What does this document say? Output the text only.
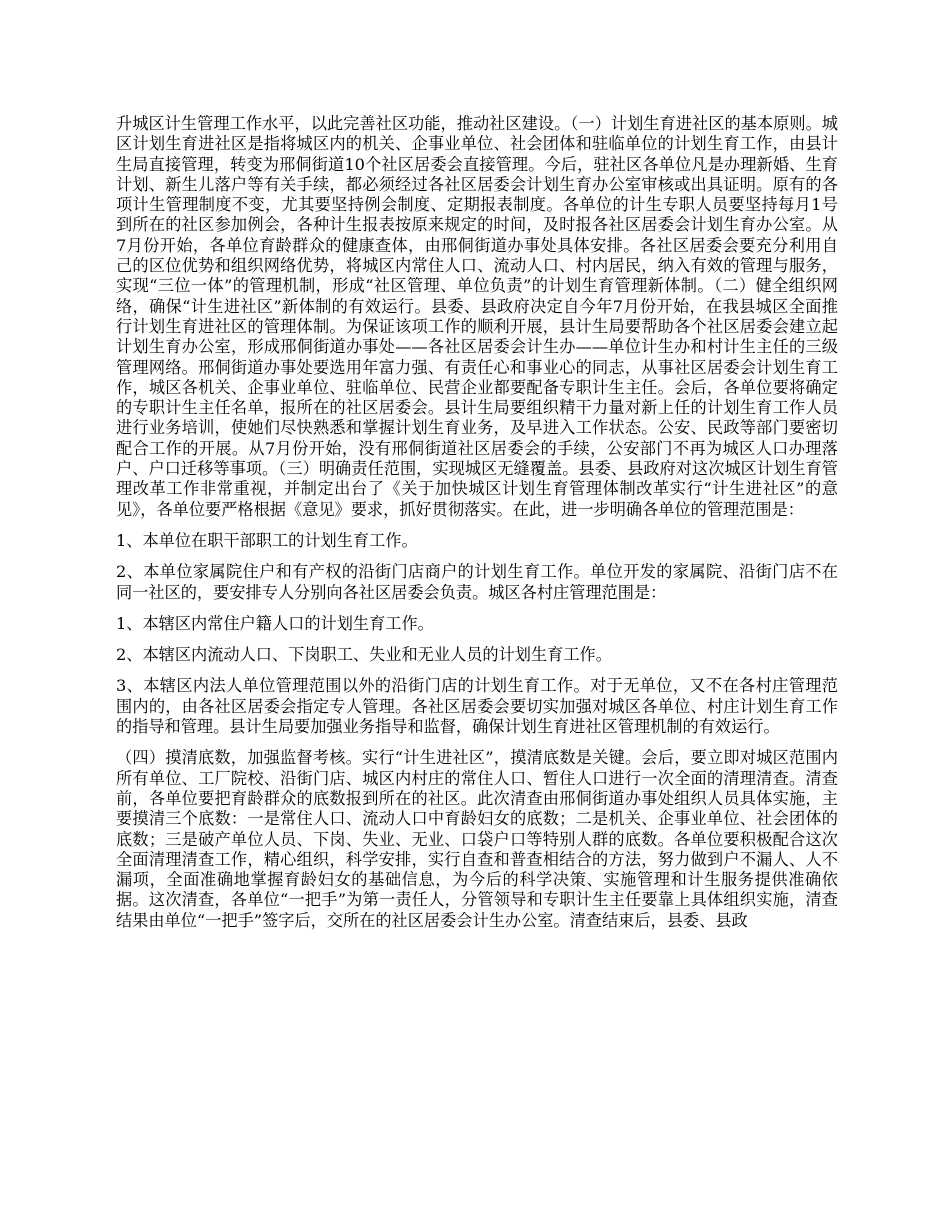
升城区计生管理工作水平，以此完善社区功能，推动社区建设。（一）计划生育进社区的基本原则。城区计划生育进社区是指将城区内的机关、企事业单位、社会团体和驻临单位的计划生育工作，由县计生局直接管理，转变为邢侗街道10个社区居委会直接管理。今后，驻社区各单位凡是办理新婚、生育计划、新生儿落户等有关手续，都必须经过各社区居委会计划生育办公室审核或出具证明。原有的各项计生管理制度不变，尤其要坚持例会制度、定期报表制度。各单位的计生专职人员要坚持每月1号到所在的社区参加例会，各种计生报表按原来规定的时间，及时报各社区居委会计划生育办公室。从7月份开始，各单位育龄群众的健康查体，由邢侗街道办事处具体安排。各社区居委会要充分利用自己的区位优势和组织网络优势，将城区内常住人口、流动人口、村内居民，纳入有效的管理与服务，实现“三位一体”的管理机制，形成“社区管理、单位负责”的计划生育管理新体制。（二）健全组织网络，确保“计生进社区”新体制的有效运行。县委、县政府决定自今年7月份开始，在我县城区全面推行计划生育进社区的管理体制。为保证该项工作的顺利开展，县计生局要帮助各个社区居委会建立起计划生育办公室，形成邢侗街道办事处——各社区居委会计生办——单位计生办和村计生主任的三级管理网络。邢侗街道办事处要选用年富力强、有责任心和事业心的同志，从事社区居委会计划生育工作，城区各机关、企事业单位、驻临单位、民营企业都要配备专职计生主任。会后，各单位要将确定的专职计生主任名单，报所在的社区居委会。县计生局要组织精干力量对新上任的计划生育工作人员进行业务培训，使她们尽快熟悉和掌握计划生育业务，及早进入工作状态。公安、民政等部门要密切配合工作的开展。从7月份开始，没有邢侗街道社区居委会的手续，公安部门不再为城区人口办理落户、户口迁移等事项。（三）明确责任范围，实现城区无缝覆盖。县委、县政府对这次城区计划生育管理改革工作非常重视，并制定出台了《关于加快城区计划生育管理体制改革实行“计生进社区”的意见》，各单位要严格根据《意见》要求，抓好贯彻落实。在此，进一步明确各单位的管理范围是：

1、本单位在职干部职工的计划生育工作。

2、本单位家属院住户和有产权的沿街门店商户的计划生育工作。单位开发的家属院、沿街门店不在同一社区的，要安排专人分别向各社区居委会负责。城区各村庄管理范围是：

1、本辖区内常住户籍人口的计划生育工作。

2、本辖区内流动人口、下岗职工、失业和无业人员的计划生育工作。

3、本辖区内法人单位管理范围以外的沿街门店的计划生育工作。对于无单位，又不在各村庄管理范围内的，由各社区居委会指定专人管理。各社区居委会要切实加强对城区各单位、村庄计划生育工作的指导和管理。县计生局要加强业务指导和监督，确保计划生育进社区管理机制的有效运行。

（四）摸清底数，加强监督考核。实行“计生进社区”，摸清底数是关键。会后，要立即对城区范围内所有单位、工厂院校、沿街门店、城区内村庄的常住人口、暂住人口进行一次全面的清理清查。清查前，各单位要把育龄群众的底数报到所在的社区。此次清查由邢侗街道办事处组织人员具体实施，主要摸清三个底数：一是常住人口、流动人口中育龄妇女的底数；二是机关、企事业单位、社会团体的底数；三是破产单位人员、下岗、失业、无业、口袋户口等特别人群的底数。各单位要积极配合这次全面清理清查工作，精心组织，科学安排，实行自查和普查相结合的方法，努力做到户不漏人、人不漏项，全面准确地掌握育龄妇女的基础信息，为今后的科学决策、实施管理和计生服务提供准确依据。这次清查，各单位“一把手”为第一责任人，分管领导和专职计生主任要靠上具体组织实施，清查结果由单位“一把手”签字后，交所在的社区居委会计生办公室。清查结束后，县委、县政
